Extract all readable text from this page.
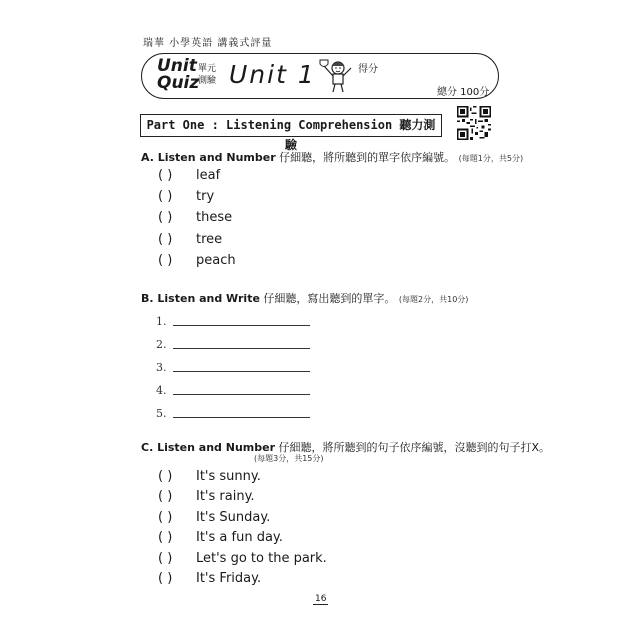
瑞華 小學英語 講義式評量
Unit
Quiz
單元
測驗 Unit 1	得分
總分 100分
Part One : Listening Comprehension 聽力測驗
A. Listen and Number 仔細聽，將所聽到的單字依序編號。 (每題1分，共5分)
( ) leaf
( ) try
( ) these
( ) tree
( ) peach
B. Listen and Write 仔細聽，寫出聽到的單字。 (每題2分，共10分)
1.
2.
3.
4.
5.
C. Listen and Number 仔細聽，將所聽到的句子依序編號，沒聽到的句子打X。
(每題3分，共15分)
( ) It's sunny.
( ) It's rainy.
( ) It's Sunday.
( ) It's a fun day.
( ) Let's go to the park.
( ) It's Friday.
16
